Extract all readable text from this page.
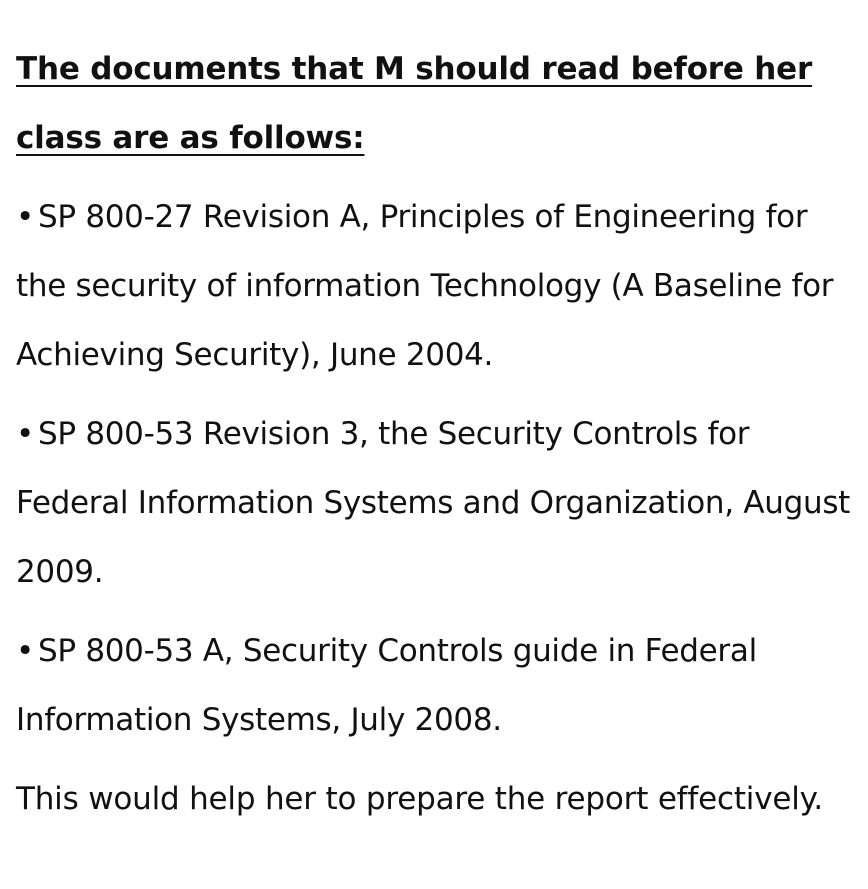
The documents that M should read before her class are as follows:

• SP 800-27 Revision A, Principles of Engineering for the security of information Technology (A Baseline for Achieving Security), June 2004.
• SP 800-53 Revision 3, the Security Controls for Federal Information Systems and Organization, August 2009.
• SP 800-53 A, Security Controls guide in Federal Information Systems, July 2008.

This would help her to prepare the report effectively.
